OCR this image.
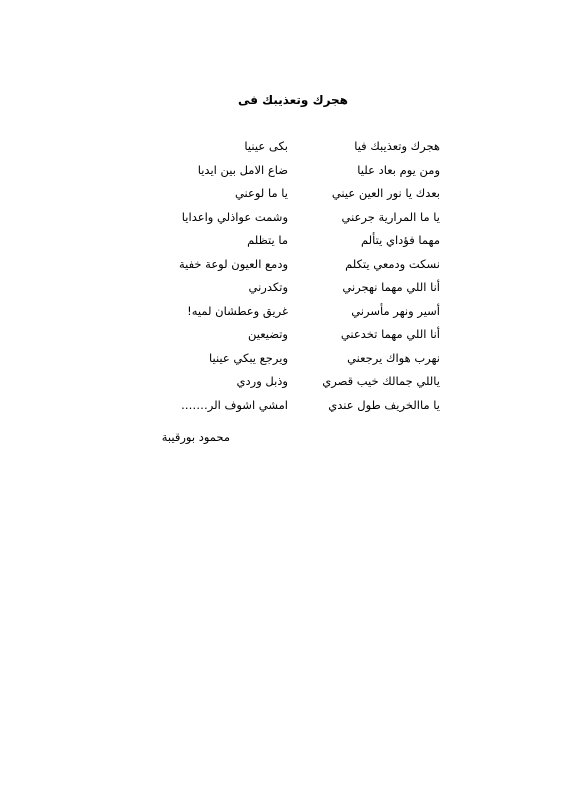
هجرك وتعذيبك فى
هجرك وتعذيبك فيا
بكى عينيا
ومن يوم بعاد عليا
ضاع الامل بين ايديا
بعدك يا نور العين عيني
يا ما لوعني
يا ما المرارية جرعني
وشمت عواذلي واعدايا
مهما فؤداي يتألم
ما يتظلم
نسكت ودمعي يتكلم
ودمع العيون لوعة خفية
أنا اللي مهما نهجرني
وتكدرني
أسير ونهر مأسرني
غريق وعطشان لميه!
أنا اللي مهما تخدعني
وتضيعين
نهرب هواك يرجعني
ويرجع يبكي عينيا
ياللي جمالك خيب قصري
وذبل وردي
يا ماالخريف طول عندي
امشي اشوف الر…….
محمود بورقيبة
